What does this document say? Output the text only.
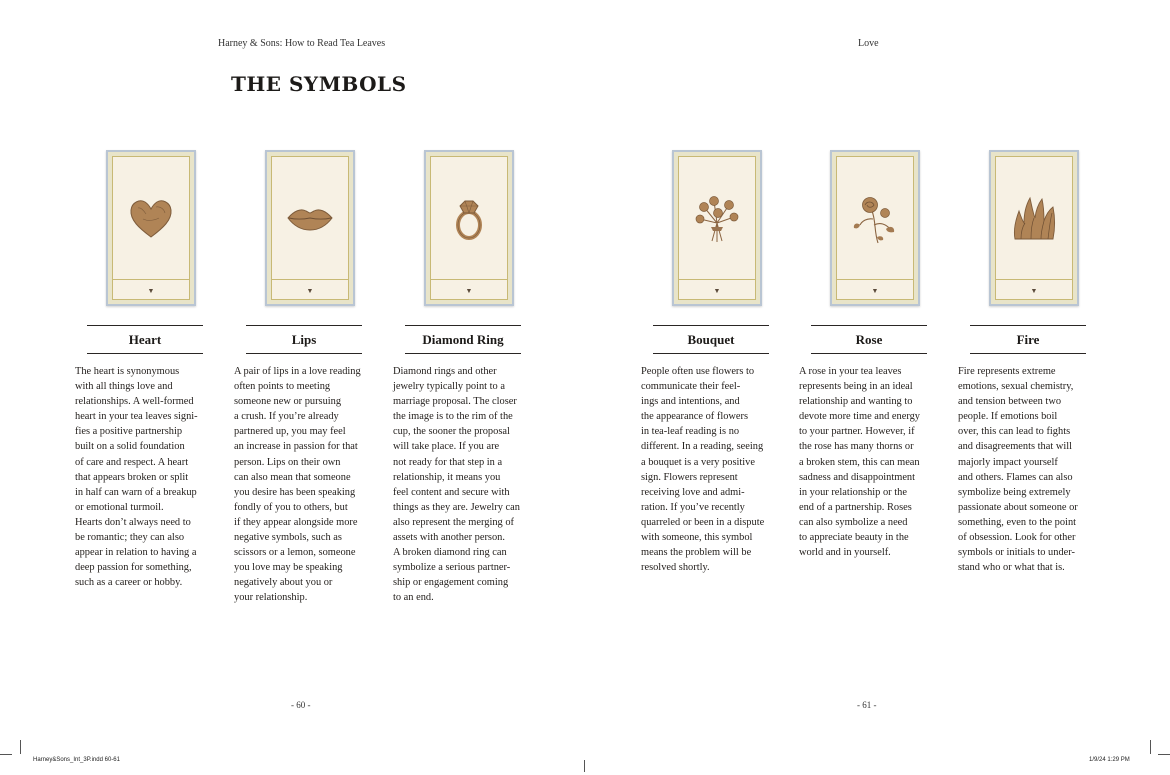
Harney & Sons: How to Read Tea Leaves	Love
THE SYMBOLS
▼
Heart
The heart is synonymous
with all things love and
relationships. A well-formed
heart in your tea leaves signi-
fies a positive partnership
built on a solid foundation
of care and respect. A heart
that appears broken or split
in half can warn of a breakup
or emotional turmoil.
Hearts don’t always need to
be romantic; they can also
appear in relation to having a
deep passion for something,
such as a career or hobby.
▼
Lips
A pair of lips in a love reading
often points to meeting
someone new or pursuing
a crush. If you’re already
partnered up, you may feel
an increase in passion for that
person. Lips on their own
can also mean that someone
you desire has been speaking
fondly of you to others, but
if they appear alongside more
negative symbols, such as
scissors or a lemon, someone
you love may be speaking
negatively about you or
your relationship.
▼
Diamond Ring
Diamond rings and other
jewelry typically point to a
marriage proposal. The closer
the image is to the rim of the
cup, the sooner the proposal
will take place. If you are
not ready for that step in a
relationship, it means you
feel content and secure with
things as they are. Jewelry can
also represent the merging of
assets with another person.
A broken diamond ring can
symbolize a serious partner-
ship or engagement coming
to an end.
▼
Bouquet
People often use flowers to
communicate their feel-
ings and intentions, and
the appearance of flowers
in tea-leaf reading is no
different. In a reading, seeing
a bouquet is a very positive
sign. Flowers represent
receiving love and admi-
ration. If you’ve recently
quarreled or been in a dispute
with someone, this symbol
means the problem will be
resolved shortly.
▼
Rose
A rose in your tea leaves
represents being in an ideal
relationship and wanting to
devote more time and energy
to your partner. However, if
the rose has many thorns or
a broken stem, this can mean
sadness and disappointment
in your relationship or the
end of a partnership. Roses
can also symbolize a need
to appreciate beauty in the
world and in yourself.
▼
Fire
Fire represents extreme
emotions, sexual chemistry,
and tension between two
people. If emotions boil
over, this can lead to fights
and disagreements that will
majorly impact yourself
and others. Flames can also
symbolize being extremely
passionate about someone or
something, even to the point
of obsession. Look for other
symbols or initials to under-
stand who or what that is.
- 60 -	- 61 -
Harney&Sons_Int_3P.indd 60-61	1/9/24 1:29 PM
